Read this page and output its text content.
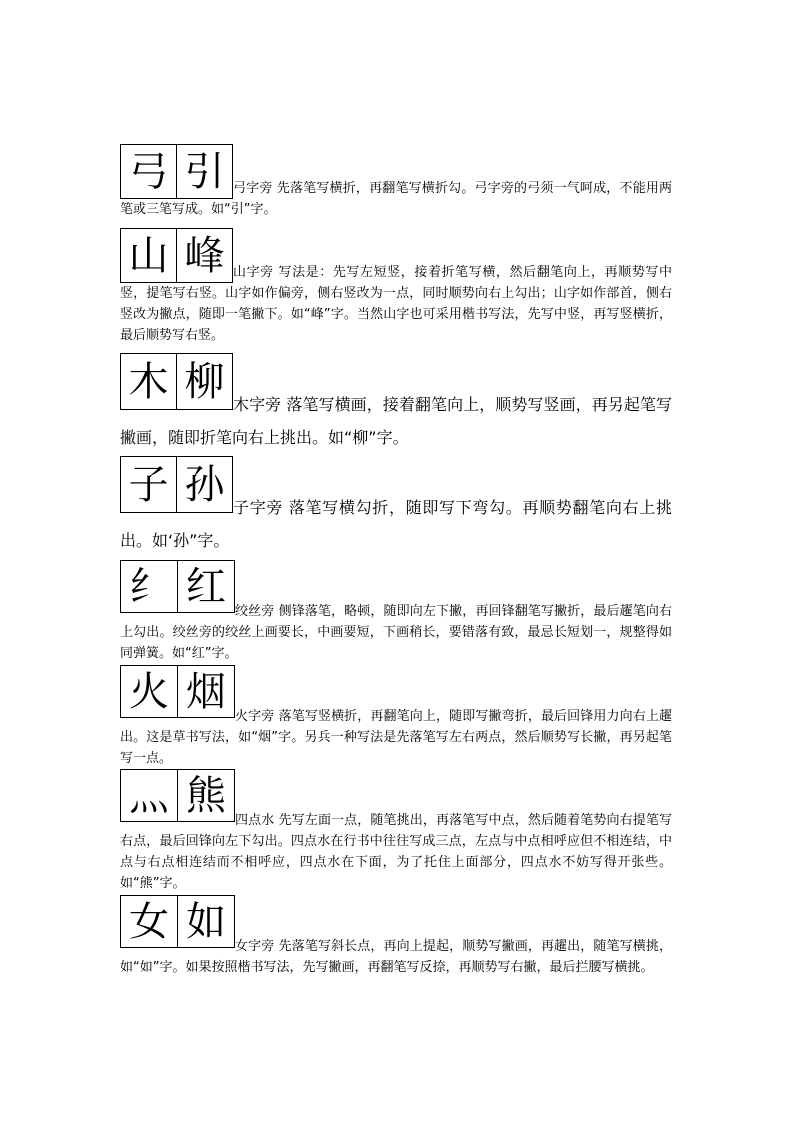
弓 引 弓字旁 先落笔写横折，再翻笔写横折勾。弓字旁的弓须一气呵成，不能用两笔或三笔写成。如“引”字。
山 峰 山字旁 写法是：先写左短竖，接着折笔写横，然后翻笔向上，再顺势写中竖，提笔写右竖。山字如作偏旁，侧右竖改为一点，同时顺势向右上勾出；山字如作部首，侧右竖改为撇点，随即一笔撇下。如“峰”字。当然山字也可采用楷书写法，先写中竖，再写竖横折，最后顺势写右竖。
木 柳 木字旁 落笔写横画，接着翻笔向上，顺势写竖画，再另起笔写撇画，随即折笔向右上挑出。如“柳”字。
子 孙 子字旁 落笔写横勾折，随即写下弯勾。再顺势翻笔向右上挑出。如‘孙”字。
纟 红
绞丝旁 侧锋落笔，略顿，随即向左下撇，再回锋翻笔写撇折，最后趯笔向右上勾出。绞丝旁的绞丝上画要长，中画要短，下画稍长，要错落有致，最忌长短划一，规整得如同弹簧。如“红”字。
火 烟
火字旁 落笔写竖横折，再翻笔向上，随即写撇弯折，最后回锋用力向右上趯出。这是草书写法，如“烟”字。另兵一种写法是先落笔写左右两点，然后顺势写长撇，再另起笔写一点。
灬 熊
四点水 先写左面一点，随笔挑出，再落笔写中点，然后随着笔势向右提笔写右点，最后回锋向左下勾出。四点水在行书中往往写成三点，左点与中点相呼应但不相连结，中点与右点相连结而不相呼应，四点水在下面，为了托住上面部分，四点水不妨写得开张些。如“熊”字。
女 如
女字旁 先落笔写斜长点，再向上提起，顺势写撇画，再趯出，随笔写横挑，如“如”字。如果按照楷书写法，先写撇画，再翻笔写反捺，再顺势写右撇，最后拦腰写横挑。
